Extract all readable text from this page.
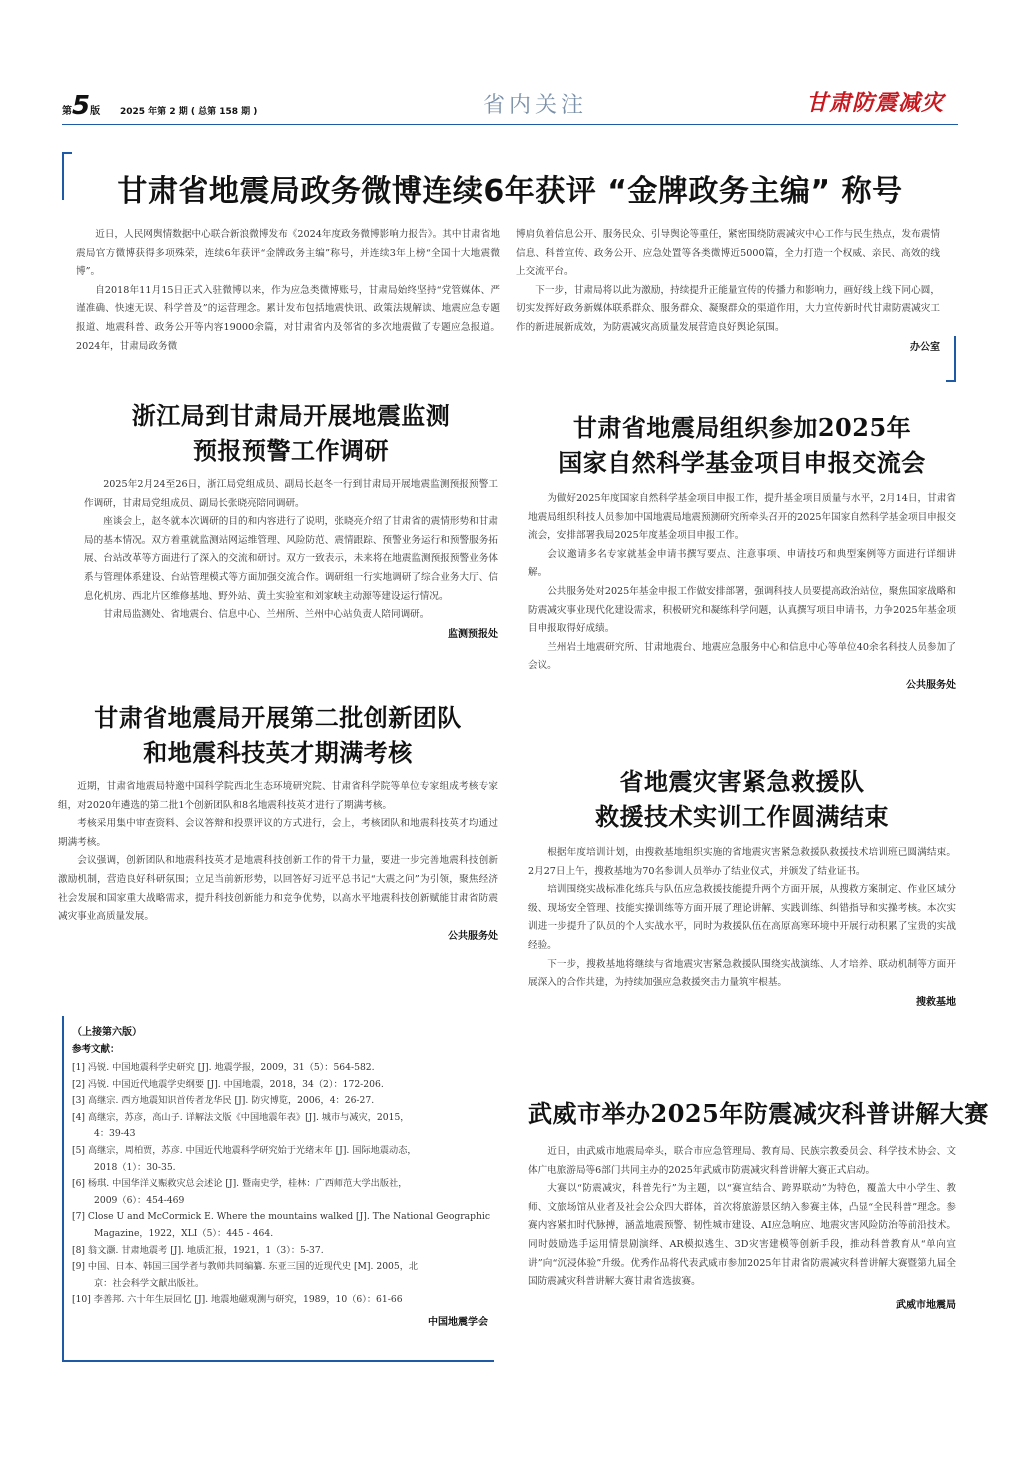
第5版 2025 年第 2 期 ( 总第 158 期 )	省内关注	甘肃防震减灾
甘肃省地震局政务微博连续6年获评 “金牌政务主编” 称号

近日，人民网舆情数据中心联合新浪微博发布《2024年度政务微博影响力报告》。其中甘肃省地震局官方微博获得多项殊荣，连续6年获评“金牌政务主编”称号，并连续3年上榜“全国十大地震微博”。

自2018年11月15日正式入驻微博以来，作为应急类微博账号，甘肃局始终坚持“党管媒体、严谨准确、快速无误、科学普及”的运营理念。累计发布包括地震快讯、政策法规解读、地震应急专题报道、地震科普、政务公开等内容19000余篇，对甘肃省内及邻省的多次地震做了专题应急报道。2024年，甘肃局政务微

博肩负着信息公开、服务民众、引导舆论等重任，紧密围绕防震减灾中心工作与民生热点，发布震情信息、科普宣传、政务公开、应急处置等各类微博近5000篇，全力打造一个权威、亲民、高效的线上交流平台。

下一步，甘肃局将以此为激励，持续提升正能量宣传的传播力和影响力，画好线上线下同心圆，切实发挥好政务新媒体联系群众、服务群众、凝聚群众的渠道作用，大力宣传新时代甘肃防震减灾工作的新进展新成效，为防震减灾高质量发展营造良好舆论氛围。

办公室

浙江局到甘肃局开展地震监测
预报预警工作调研

2025年2月24至26日，浙江局党组成员、副局长赵冬一行到甘肃局开展地震监测预报预警工作调研，甘肃局党组成员、副局长张晓亮陪同调研。

座谈会上，赵冬就本次调研的目的和内容进行了说明，张晓亮介绍了甘肃省的震情形势和甘肃局的基本情况。双方着重就监测站网运维管理、风险防范、震情跟踪、预警业务运行和预警服务拓展、台站改革等方面进行了深入的交流和研讨。双方一致表示，未来将在地震监测预报预警业务体系与管理体系建设、台站管理模式等方面加强交流合作。调研组一行实地调研了综合业务大厅、信息化机房、西北片区维修基地、野外站、黄土实验室和刘家峡主动源等建设运行情况。

甘肃局监测处、省地震台、信息中心、兰州所、兰州中心站负责人陪同调研。

监测预报处

甘肃省地震局开展第二批创新团队
和地震科技英才期满考核

近期，甘肃省地震局特邀中国科学院西北生态环境研究院、甘肃省科学院等单位专家组成考核专家组，对2020年遴选的第二批1个创新团队和8名地震科技英才进行了期满考核。

考核采用集中审查资料、会议答辩和投票评议的方式进行，会上，考核团队和地震科技英才均通过期满考核。

会议强调，创新团队和地震科技英才是地震科技创新工作的骨干力量，要进一步完善地震科技创新激励机制，营造良好科研氛围；立足当前新形势，以回答好习近平总书记“大震之问”为引领，聚焦经济社会发展和国家重大战略需求，提升科技创新能力和竞争优势，以高水平地震科技创新赋能甘肃省防震减灾事业高质量发展。

公共服务处

（上接第六版）
参考文献：
[1] 冯锐. 中国地震科学史研究 [J]. 地震学报，2009，31（5）：564-582.
[2] 冯锐. 中国近代地震学史纲要 [J]. 中国地震，2018，34（2）：172-206.
[3] 高继宗. 西方地震知识首传者龙华民 [J]. 防灾博览，2006，4：26-27.
[4] 高继宗，苏彦，高山子. 详解法文版《中国地震年表》[J]. 城市与减灾，2015，
4：39-43
[5] 高继宗，周柏贾，苏彦. 中国近代地震科学研究始于光绪末年 [J]. 国际地震动态，
2018（1）：30-35.
[6] 杨琪. 中国华洋义赈救灾总会述论 [J]. 暨南史学，桂林：广西师范大学出版社，
2009（6）：454-469
[7] Close U and McCormick E. Where the mountains walked [J]. The National Geographic
Magazine，1922，XLI（5）：445 - 464.
[8] 翁文灏. 甘肃地震考 [J]. 地质汇报，1921，1（3）：5-37.
[9] 中国、日本、韩国三国学者与教师共同编纂. 东亚三国的近现代史 [M]. 2005，北
京：社会科学文献出版社。
[10] 李善邦. 六十年生辰回忆 [J]. 地震地磁观测与研究，1989，10（6）：61-66

中国地震学会

甘肃省地震局组织参加2025年
国家自然科学基金项目申报交流会

为做好2025年度国家自然科学基金项目申报工作，提升基金项目质量与水平，2月14日，甘肃省地震局组织科技人员参加中国地震局地震预测研究所牵头召开的2025年国家自然科学基金项目申报交流会，安排部署我局2025年度基金项目申报工作。

会议邀请多名专家就基金申请书撰写要点、注意事项、申请技巧和典型案例等方面进行详细讲解。

公共服务处对2025年基金申报工作做安排部署，强调科技人员要提高政治站位，聚焦国家战略和防震减灾事业现代化建设需求，积极研究和凝练科学问题，认真撰写项目申请书，力争2025年基金项目申报取得好成绩。

兰州岩土地震研究所、甘肃地震台、地震应急服务中心和信息中心等单位40余名科技人员参加了会议。

公共服务处

省地震灾害紧急救援队
救援技术实训工作圆满结束

根据年度培训计划，由搜救基地组织实施的省地震灾害紧急救援队救援技术培训班已圆满结束。2月27日上午，搜救基地为70名参训人员举办了结业仪式，并颁发了结业证书。

培训围绕实战标准化练兵与队伍应急救援技能提升两个方面开展，从搜救方案制定、作业区域分级、现场安全管理、技能实操训练等方面开展了理论讲解、实践训练、纠错指导和实操考核。本次实训进一步提升了队员的个人实战水平，同时为救援队伍在高原高寒环境中开展行动积累了宝贵的实战经验。

下一步，搜救基地将继续与省地震灾害紧急救援队围绕实战演练、人才培养、联动机制等方面开展深入的合作共建，为持续加强应急救援突击力量筑牢根基。

搜救基地

武威市举办2025年防震减灾科普讲解大赛

近日，由武威市地震局牵头，联合市应急管理局、教育局、民族宗教委员会、科学技术协会、文体广电旅游局等6部门共同主办的2025年武威市防震减灾科普讲解大赛正式启动。

大赛以“防震减灾，科普先行”为主题，以“赛宣结合、跨界联动”为特色，覆盖大中小学生、教师、文旅场馆从业者及社会公众四大群体，首次将旅游景区纳入参赛主体，凸显“全民科普”理念。参赛内容紧扣时代脉搏，涵盖地震预警、韧性城市建设、AI应急响应、地震灾害风险防治等前沿技术。同时鼓励选手运用情景剧演绎、AR模拟逃生、3D灾害建模等创新手段，推动科普教育从“单向宣讲”向“沉浸体验”升级。优秀作品将代表武威市参加2025年甘肃省防震减灾科普讲解大赛暨第九届全国防震减灾科普讲解大赛甘肃省选拔赛。

武威市地震局
